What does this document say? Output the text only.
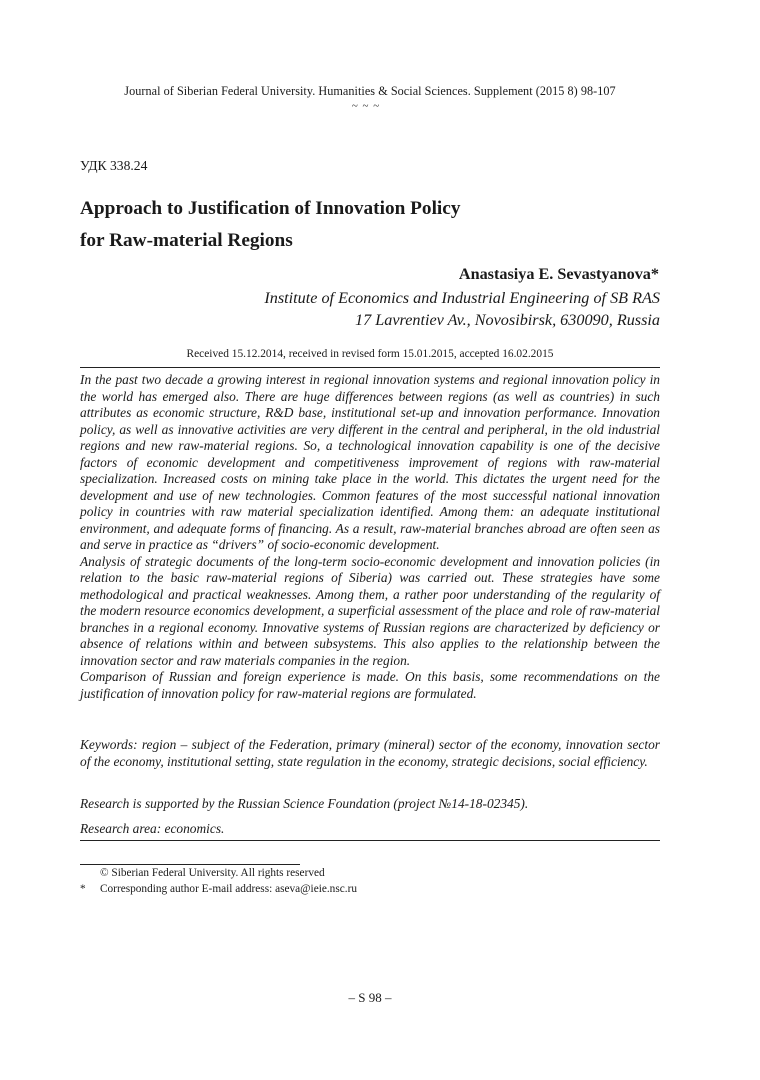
Journal of Siberian Federal University. Humanities & Social Sciences. Supplement (2015 8) 98-107
~ ~ ~
УДК 338.24
Approach to Justification of Innovation Policy
for Raw-material Regions
Anastasiya E. Sevastyanova*
Institute of Economics and Industrial Engineering of SB RAS
17 Lavrentiev Av., Novosibirsk, 630090, Russia
Received 15.12.2014, received in revised form 15.01.2015, accepted 16.02.2015

In the past two decade a growing interest in regional innovation systems and regional innovation policy in the world has emerged also. There are huge differences between regions (as well as countries) in such attributes as economic structure, R&D base, institutional set-up and innovation performance. Innovation policy, as well as innovative activities are very different in the central and peripheral, in the old industrial regions and new raw-material regions. So, a technological innovation capability is one of the decisive factors of economic development and competitiveness improvement of regions with raw-material specialization. Increased costs on mining take place in the world. This dictates the urgent need for the development and use of new technologies. Common features of the most successful national innovation policy in countries with raw material specialization identified. Among them: an adequate institutional environment, and adequate forms of financing. As a result, raw-material branches abroad are often seen as and serve in practice as “drivers” of socio-economic development.

Analysis of strategic documents of the long-term socio-economic development and innovation policies (in relation to the basic raw-material regions of Siberia) was carried out. These strategies have some methodological and practical weaknesses. Among them, a rather poor understanding of the regularity of the modern resource economics development, a superficial assessment of the place and role of raw-material branches in a regional economy. Innovative systems of Russian regions are characterized by deficiency or absence of relations within and between subsystems. This also applies to the relationship between the innovation sector and raw materials companies in the region.

Comparison of Russian and foreign experience is made. On this basis, some recommendations on the justification of innovation policy for raw-material regions are formulated.

Keywords: region – subject of the Federation, primary (mineral) sector of the economy, innovation sector of the economy, institutional setting, state regulation in the economy, strategic decisions, social efficiency.

Research is supported by the Russian Science Foundation (project №14-18-02345).

Research area: economics.

© Siberian Federal University. All rights reserved
* Corresponding author E-mail address: aseva@ieie.nsc.ru
– S 98 –
